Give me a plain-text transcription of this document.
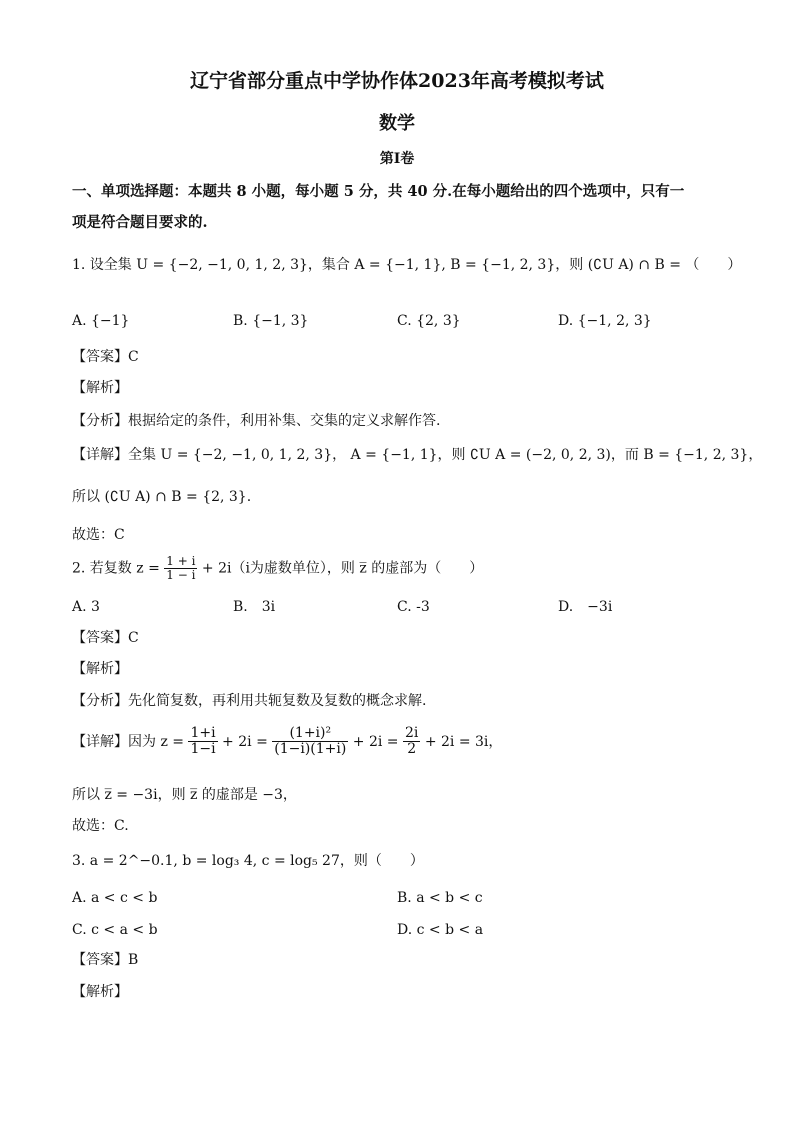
辽宁省部分重点中学协作体2023年高考模拟考试
数学
第I卷
一、单项选择题：本题共 8 小题，每小题 5 分，共 40 分.在每小题给出的四个选项中，只有一
项是符合题目要求的.
1. 设全集 U = {−2, −1, 0, 1, 2, 3}，集合 A = {−1, 1}, B = {−1, 2, 3}，则 (∁U A) ∩ B = （　　）
A. {−1}	B. {−1, 3}	C. {2, 3}	D. {−1, 2, 3}
【答案】C
【解析】
【分析】根据给定的条件，利用补集、交集的定义求解作答.
【详解】全集 U = {−2, −1, 0, 1, 2, 3}， A = {−1, 1}，则 ∁U A = (−2, 0, 2, 3)，而 B = {−1, 2, 3}，
所以 (∁U A) ∩ B = {2, 3}.
故选：C
2. 若复数 $z = \frac{1 + i}{1 - i} + 2i(i$为虚数单位），则 z̅ 的虚部为（　　）
A. 3	B.　3i	C. -3	D.　−3i
【答案】C
【解析】
【分析】先化简复数，再利用共轭复数及复数的概念求解.
【详解】因为 $z = \frac{1+i}{1-i} + 2i = \frac{\text{(1+i)²}}{(1-i)(1+i)} + 2i = \frac{2i}{2} + 2i = 3i$，
所以 z̅ = −3i，则 z̅ 的虚部是 −3，
故选：C.
3. a = 2^−0.1, b = log₃ 4, c = log₅ 27，则（　　）
A. a < c < b	B. a < b < c
C. c < a < b	D. c < b < a
【答案】B
【解析】
